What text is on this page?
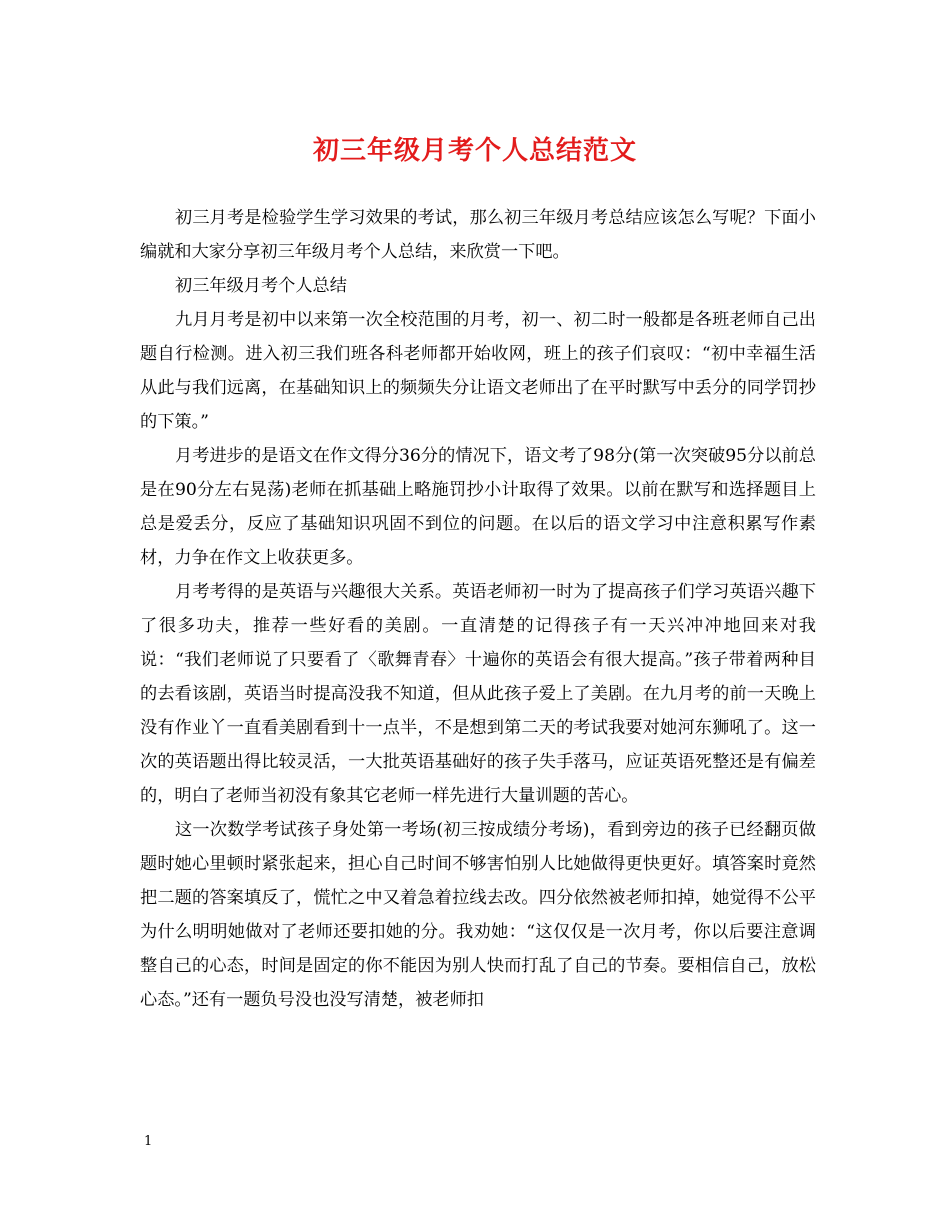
初三年级月考个人总结范文

初三月考是检验学生学习效果的考试，那么初三年级月考总结应该怎么写呢？下面小编就和大家分享初三年级月考个人总结，来欣赏一下吧。

初三年级月考个人总结

九月月考是初中以来第一次全校范围的月考，初一、初二时一般都是各班老师自己出题自行检测。进入初三我们班各科老师都开始收网，班上的孩子们哀叹：“初中幸福生活从此与我们远离，在基础知识上的频频失分让语文老师出了在平时默写中丢分的同学罚抄的下策。”

月考进步的是语文在作文得分36分的情况下，语文考了98分(第一次突破95分以前总是在90分左右晃荡)老师在抓基础上略施罚抄小计取得了效果。以前在默写和选择题目上总是爱丢分，反应了基础知识巩固不到位的问题。在以后的语文学习中注意积累写作素材，力争在作文上收获更多。

月考考得的是英语与兴趣很大关系。英语老师初一时为了提高孩子们学习英语兴趣下了很多功夫，推荐一些好看的美剧。一直清楚的记得孩子有一天兴冲冲地回来对我说：“我们老师说了只要看了〈歌舞青春〉十遍你的英语会有很大提高。”孩子带着两种目的去看该剧，英语当时提高没我不知道，但从此孩子爱上了美剧。在九月考的前一天晚上没有作业丫一直看美剧看到十一点半，不是想到第二天的考试我要对她河东狮吼了。这一次的英语题出得比较灵活，一大批英语基础好的孩子失手落马，应证英语死整还是有偏差的，明白了老师当初没有象其它老师一样先进行大量训题的苦心。

这一次数学考试孩子身处第一考场(初三按成绩分考场)，看到旁边的孩子已经翻页做题时她心里顿时紧张起来，担心自己时间不够害怕别人比她做得更快更好。填答案时竟然把二题的答案填反了，慌忙之中又着急着拉线去改。四分依然被老师扣掉，她觉得不公平为什么明明她做对了老师还要扣她的分。我劝她：“这仅仅是一次月考，你以后要注意调整自己的心态，时间是固定的你不能因为别人快而打乱了自己的节奏。要相信自己，放松心态。”还有一题负号没也没写清楚，被老师扣

1
